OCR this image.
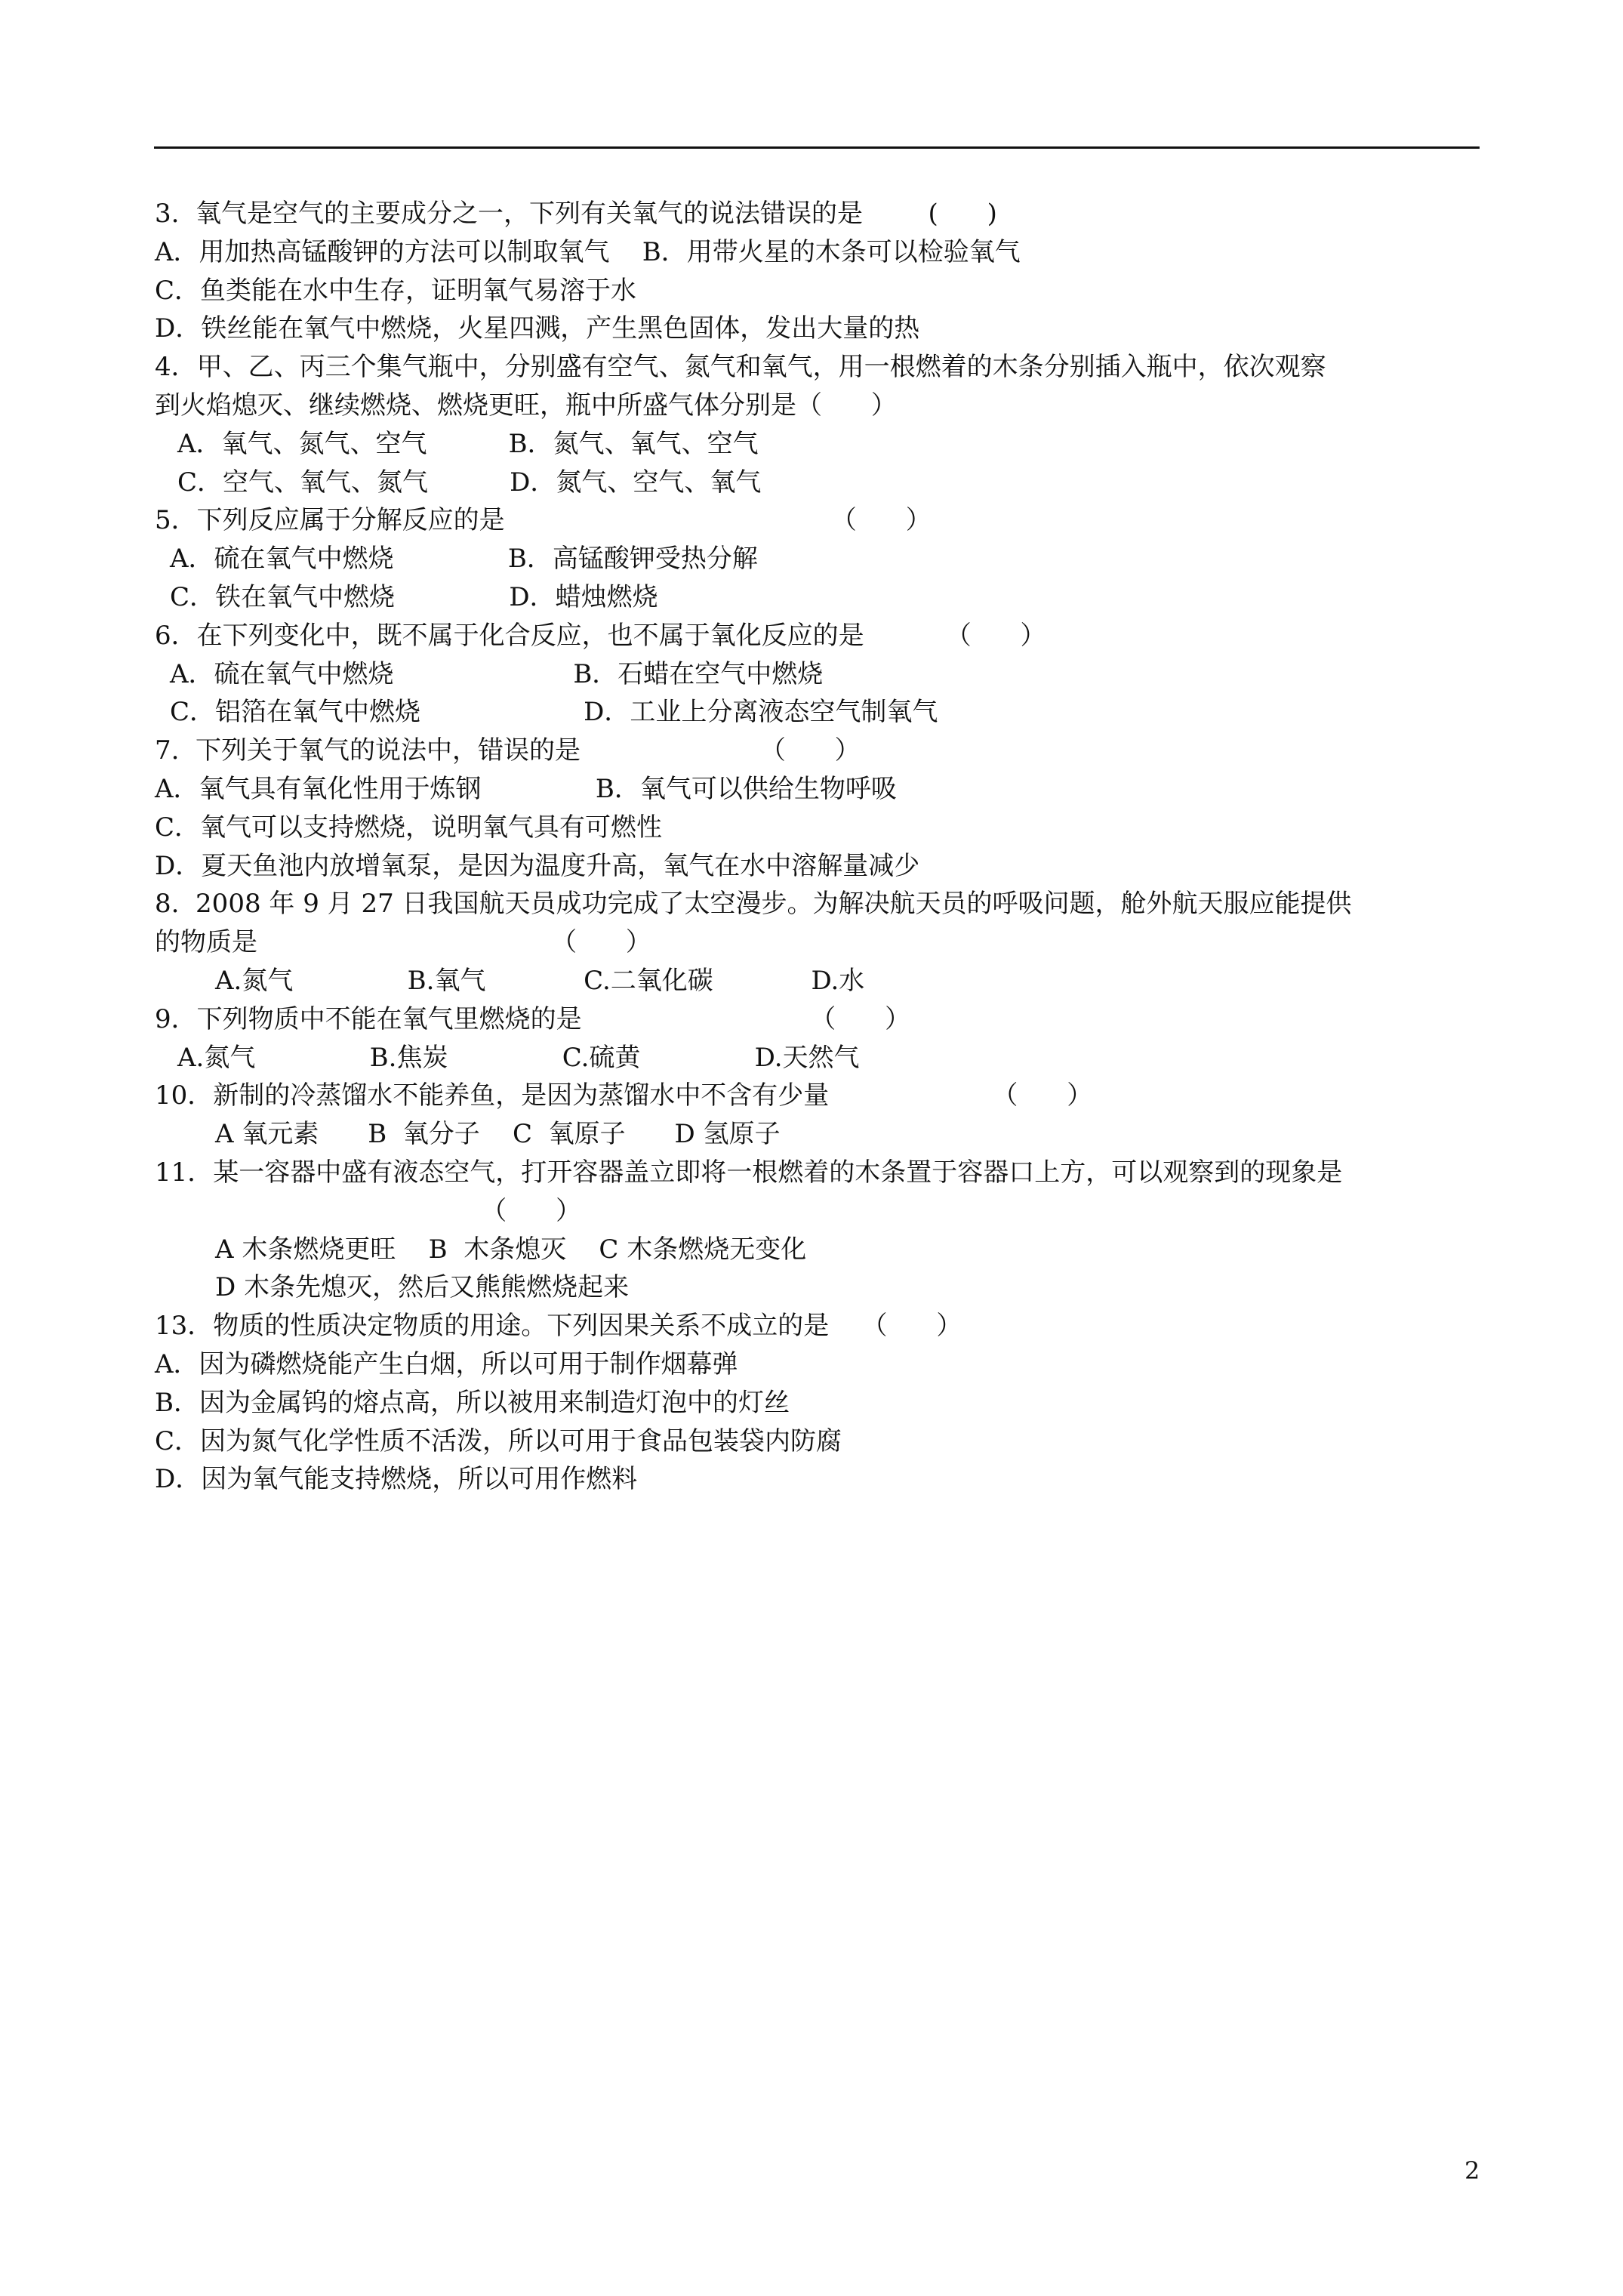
3.  氧气是空气的主要成分之一，下列有关氧气的说法错误的是        (      )
A．用加热高锰酸钾的方法可以制取氧气    B．用带火星的木条可以检验氧气
C．鱼类能在水中生存，证明氧气易溶于水
D．铁丝能在氧气中燃烧，火星四溅，产生黑色固体，发出大量的热
4．甲、乙、丙三个集气瓶中，分别盛有空气、氮气和氧气，用一根燃着的木条分别插入瓶中，依次观察
到火焰熄灭、继续燃烧、燃烧更旺，瓶中所盛气体分别是（      ）
A．氧气、氮气、空气          B．氮气、氧气、空气
C．空气、氧气、氮气          D．氮气、空气、氧气
5．下列反应属于分解反应的是                                        （      ）
A．硫在氧气中燃烧              B．高锰酸钾受热分解
C．铁在氧气中燃烧              D．蜡烛燃烧
6．在下列变化中，既不属于化合反应，也不属于氧化反应的是          （      ）
A．硫在氧气中燃烧                      B．石蜡在空气中燃烧
C．铝箔在氧气中燃烧                    D．工业上分离液态空气制氧气
7.  下列关于氧气的说法中，错误的是                      （      ）
A．氧气具有氧化性用于炼钢              B．氧气可以供给生物呼吸
C．氧气可以支持燃烧，说明氧气具有可燃性
D．夏天鱼池内放增氧泵，是因为温度升高，氧气在水中溶解量减少
8.  2008 年 9 月 27 日我国航天员成功完成了太空漫步。为解决航天员的呼吸问题，舱外航天服应能提供
的物质是                                    （      ）
A.氮气              B.氧气            C.二氧化碳            D.水
9．下列物质中不能在氧气里燃烧的是                            （      ）
A.氮气              B.焦炭              C.硫黄              D.天然气
10．新制的冷蒸馏水不能养鱼，是因为蒸馏水中不含有少量                    （      ）
A 氧元素      B  氧分子    C  氧原子      D 氢原子
11．某一容器中盛有液态空气，打开容器盖立即将一根燃着的木条置于容器口上方，可以观察到的现象是
（      ）
A 木条燃烧更旺    B  木条熄灭    C 木条燃烧无变化
D 木条先熄灭，然后又熊熊燃烧起来
13．物质的性质决定物质的用途。下列因果关系不成立的是    （      ）
A．因为磷燃烧能产生白烟，所以可用于制作烟幕弹
B．因为金属钨的熔点高，所以被用来制造灯泡中的灯丝
C．因为氮气化学性质不活泼，所以可用于食品包装袋内防腐
D．因为氧气能支持燃烧，所以可用作燃料
2
